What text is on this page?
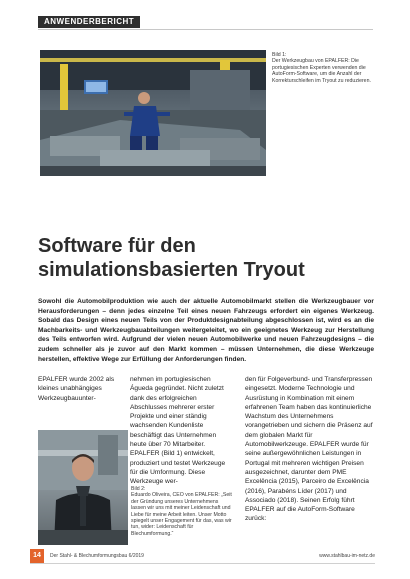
ANWENDERBERICHT
Bild 1:
Der Werkzeugbau von EPALFER: Die portugiesischen Experten verwenden die AutoForm-Software, um die Anzahl der Korrekturschleifen im Tryout zu reduzieren.
Software für den
simulationsbasierten Tryout

Sowohl die Automobilproduktion wie auch der aktuelle Automobilmarkt stellen die Werkzeugbauer vor Herausforderungen – denn jedes einzelne Teil eines neuen Fahrzeugs erfordert ein eigenes Werkzeug. Sobald das Design eines neuen Teils von der Produktdesignabteilung abgeschlossen ist, wird es an die Machbarkeits- und Werkzeugbauabteilungen weitergeleitet, wo ein geeignetes Werkzeug zur Herstellung des Teils entworfen wird. Aufgrund der vielen neuen Automobilwerke und neuen Fahrzeugdesigns – die zudem schneller als je zuvor auf den Markt kommen – müssen Unternehmen, die diese Werkzeuge herstellen, effektive Wege zur Erfüllung der Anforderungen finden.

EPALFER wurde 2002 als kleines unabhängiges Werkzeugbauunter-

nehmen im portugiesischen Águeda gegründet. Nicht zuletzt dank des erfolgreichen Abschlusses mehrerer erster Projekte und einer ständig wachsenden Kundenliste beschäftigt das Unternehmen heute über 70 Mitarbeiter. EPALFER (Bild 1) entwickelt, produziert und testet Werkzeuge für die Umformung. Diese Werkzeuge wer-

Bild 2:
Eduardo Oliveira, CEO von EPALFER: „Seit der Gründung unseres Unternehmens lassen wir uns mit meiner Leidenschaft und Liebe für meine Arbeit leiten. Unser Motto spiegelt unser Engagement für das, was wir tun, wider: Leidenschaft für Blechumformung.“

den für Folgeverbund- und Transferpressen eingesetzt. Moderne Technologie und Ausrüstung in Kombination mit einem erfahrenen Team haben das kontinuierliche Wachstum des Unternehmens vorangetrieben und sichern die Präsenz auf dem globalen Markt für Automobilwerkzeuge. EPALFER wurde für seine außergewöhnlichen Leistungen in Portugal mit mehreren wichtigen Preisen ausgezeichnet, darunter dem PME Excelência (2015), Parceiro de Excelência (2016), Parabéns Líder (2017) und Associado (2018). Seinen Erfolg führt EPALFER auf die AutoForm-Software zurück:

14	Der Stahl- & Blechumformungsbau 6/2019	www.stahlbau-im-netz.de
